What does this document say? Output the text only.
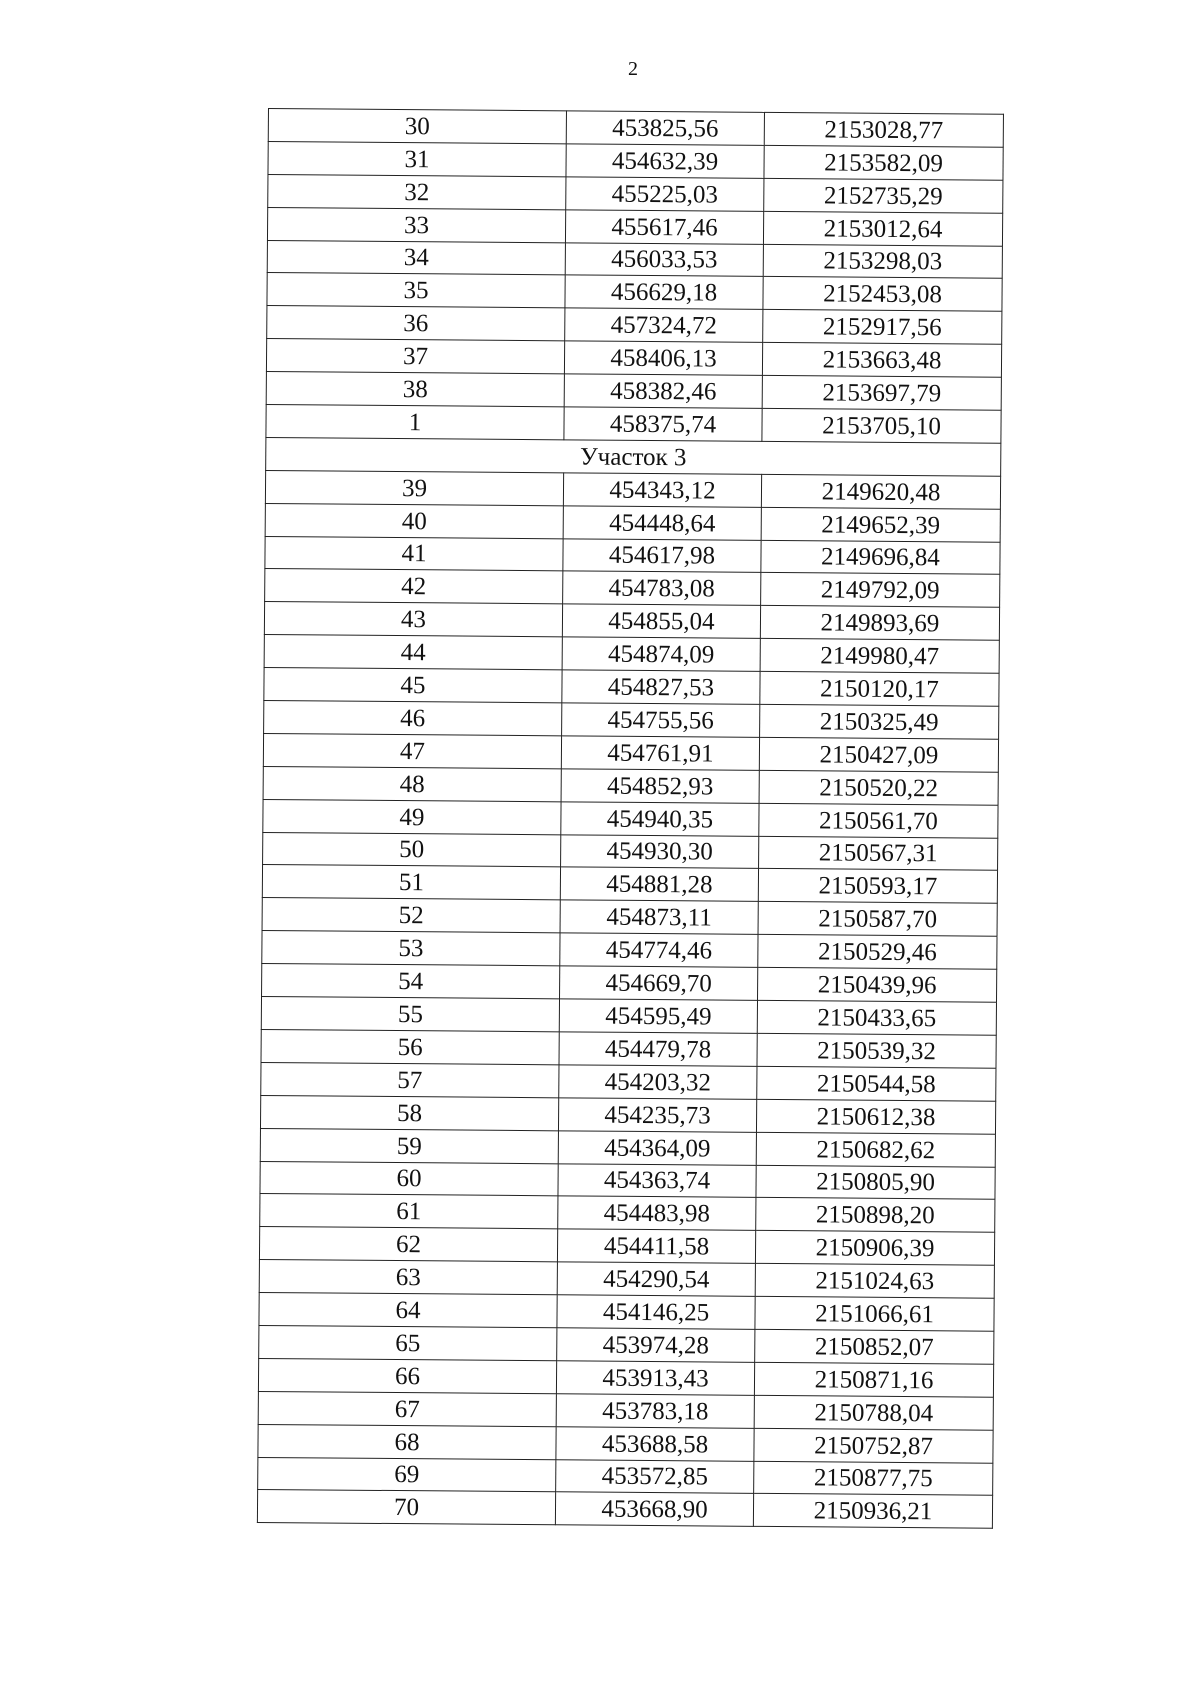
2
30	453825,56	2153028,77
31	454632,39	2153582,09
32	455225,03	2152735,29
33	455617,46	2153012,64
34	456033,53	2153298,03
35	456629,18	2152453,08
36	457324,72	2152917,56
37	458406,13	2153663,48
38	458382,46	2153697,79
1	458375,74	2153705,10
Участок 3		
39	454343,12	2149620,48
40	454448,64	2149652,39
41	454617,98	2149696,84
42	454783,08	2149792,09
43	454855,04	2149893,69
44	454874,09	2149980,47
45	454827,53	2150120,17
46	454755,56	2150325,49
47	454761,91	2150427,09
48	454852,93	2150520,22
49	454940,35	2150561,70
50	454930,30	2150567,31
51	454881,28	2150593,17
52	454873,11	2150587,70
53	454774,46	2150529,46
54	454669,70	2150439,96
55	454595,49	2150433,65
56	454479,78	2150539,32
57	454203,32	2150544,58
58	454235,73	2150612,38
59	454364,09	2150682,62
60	454363,74	2150805,90
61	454483,98	2150898,20
62	454411,58	2150906,39
63	454290,54	2151024,63
64	454146,25	2151066,61
65	453974,28	2150852,07
66	453913,43	2150871,16
67	453783,18	2150788,04
68	453688,58	2150752,87
69	453572,85	2150877,75
70	453668,90	2150936,21
